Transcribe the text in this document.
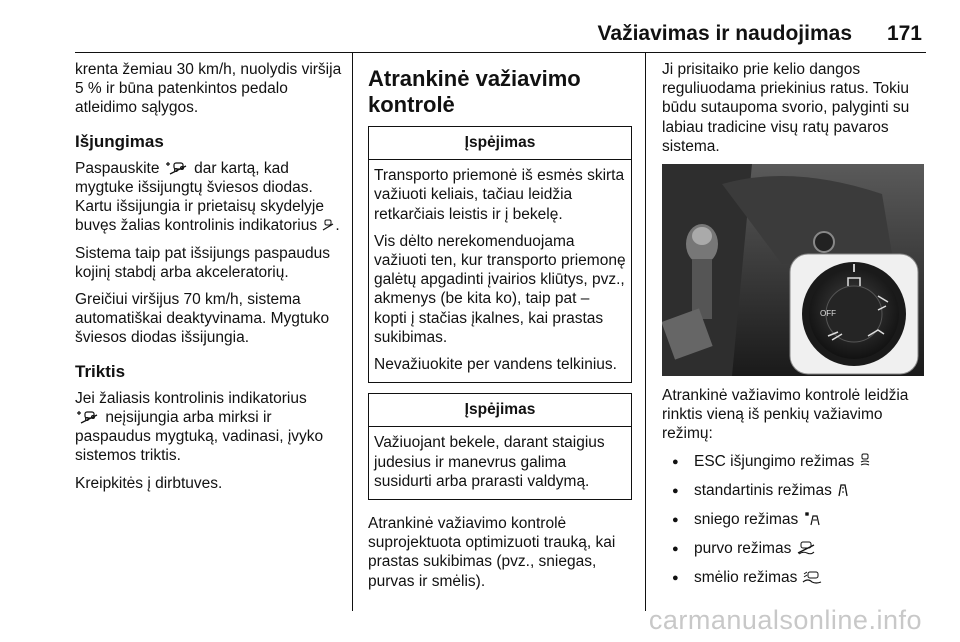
Važiavimas ir naudojimas 171

krenta žemiau 30 km/h, nuolydis viršija 5 % ir būna patenkintos pedalo atleidimo sąlygos.

Išjungimas

Paspauskite dar kartą, kad mygtuke išsijungtų šviesos diodas. Kartu išsijungia ir prietaisų skydelyje buvęs žalias kontrolinis indikatorius .

Sistema taip pat išsijungs paspaudus kojinį stabdį arba akceleratorių.

Greičiui viršijus 70 km/h, sistema automatiškai deaktyvinama. Mygtuko šviesos diodas išsijungia.

Triktis

Jei žaliasis kontrolinis indikatorius
neįsijungia arba mirksi ir paspaudus mygtuką, vadinasi, įvyko sistemos triktis.

Kreipkitės į dirbtuves.

Atrankinė važiavimo kontrolė
Įspėjimas

Transporto priemonė iš esmės skirta važiuoti keliais, tačiau leidžia retkarčiais leistis ir į bekelę.

Vis dėlto nerekomenduojama važiuoti ten, kur transporto priemonę galėtų apgadinti įvairios kliūtys, pvz., akmenys (be kita ko), taip pat – kopti į stačias įkalnes, kai prastas sukibimas.

Nevažiuokite per vandens telkinius.

Įspėjimas

Važiuojant bekele, darant staigius judesius ir manevrus galima susidurti arba prarasti valdymą.

Atrankinė važiavimo kontrolė suprojektuota optimizuoti trauką, kai prastas sukibimas (pvz., sniegas, purvas ir smėlis).

Ji prisitaiko prie kelio dangos reguliuodama priekinius ratus. Tokiu būdu sutaupoma svorio, palyginti su labiau tradicine visų ratų pavaros sistema.

OFF

Atrankinė važiavimo kontrolė leidžia rinktis vieną iš penkių važiavimo režimų:

● ESC išjungimo režimas
● standartinis režimas
● sniego režimas
● purvo režimas
● smėlio režimas
carmanualsonline.info
